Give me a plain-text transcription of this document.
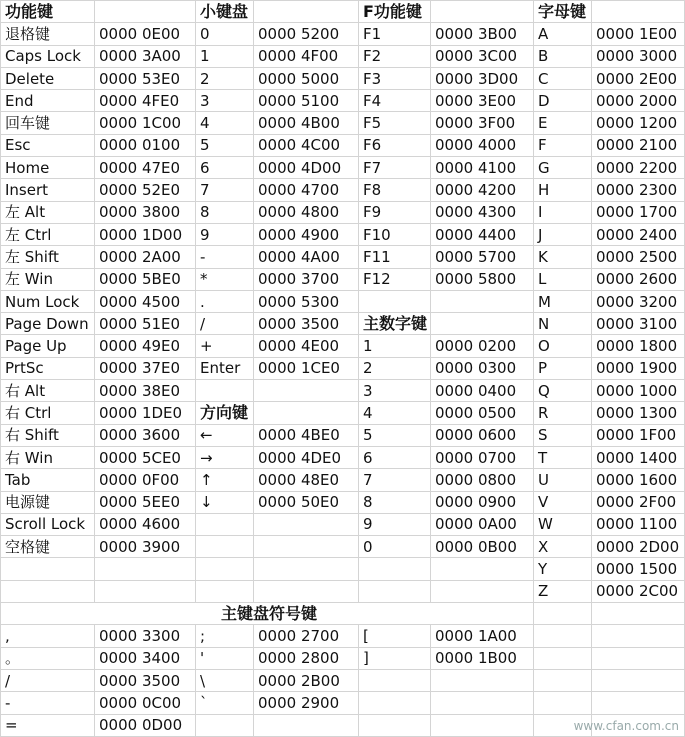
功能键		小键盘		F功能键		字母键	
退格键	0000 0E00	0	0000 5200	F1	0000 3B00	A	0000 1E00
Caps Lock	0000 3A00	1	0000 4F00	F2	0000 3C00	B	0000 3000
Delete	0000 53E0	2	0000 5000	F3	0000 3D00	C	0000 2E00
End	0000 4FE0	3	0000 5100	F4	0000 3E00	D	0000 2000
回车键	0000 1C00	4	0000 4B00	F5	0000 3F00	E	0000 1200
Esc	0000 0100	5	0000 4C00	F6	0000 4000	F	0000 2100
Home	0000 47E0	6	0000 4D00	F7	0000 4100	G	0000 2200
Insert	0000 52E0	7	0000 4700	F8	0000 4200	H	0000 2300
左 Alt	0000 3800	8	0000 4800	F9	0000 4300	I	0000 1700
左 Ctrl	0000 1D00	9	0000 4900	F10	0000 4400	J	0000 2400
左 Shift	0000 2A00	-	0000 4A00	F11	0000 5700	K	0000 2500
左 Win	0000 5BE0	*	0000 3700	F12	0000 5800	L	0000 2600
Num Lock	0000 4500	.	0000 5300			M	0000 3200
Page Down	0000 51E0	/	0000 3500	主数字键		N	0000 3100
Page Up	0000 49E0	+	0000 4E00	1	0000 0200	O	0000 1800
PrtSc	0000 37E0	Enter	0000 1CE0	2	0000 0300	P	0000 1900
右 Alt	0000 38E0			3	0000 0400	Q	0000 1000
右 Ctrl	0000 1DE0	方向键		4	0000 0500	R	0000 1300
右 Shift	0000 3600	←	0000 4BE0	5	0000 0600	S	0000 1F00
右 Win	0000 5CE0	→	0000 4DE0	6	0000 0700	T	0000 1400
Tab	0000 0F00	↑	0000 48E0	7	0000 0800	U	0000 1600
电源键	0000 5EE0	↓	0000 50E0	8	0000 0900	V	0000 2F00
Scroll Lock	0000 4600			9	0000 0A00	W	0000 1100
空格键	0000 3900			0	0000 0B00	X	0000 2D00
						Y	0000 1500
						Z	0000 2C00
主键盘符号键							
,	0000 3300	;	0000 2700	[	0000 1A00		
。	0000 3400	'	0000 2800	]	0000 1B00		
/	0000 3500	\	0000 2B00				
-	0000 0C00	`	0000 2900				
=	0000 0D00							www.cfan.com.cn
